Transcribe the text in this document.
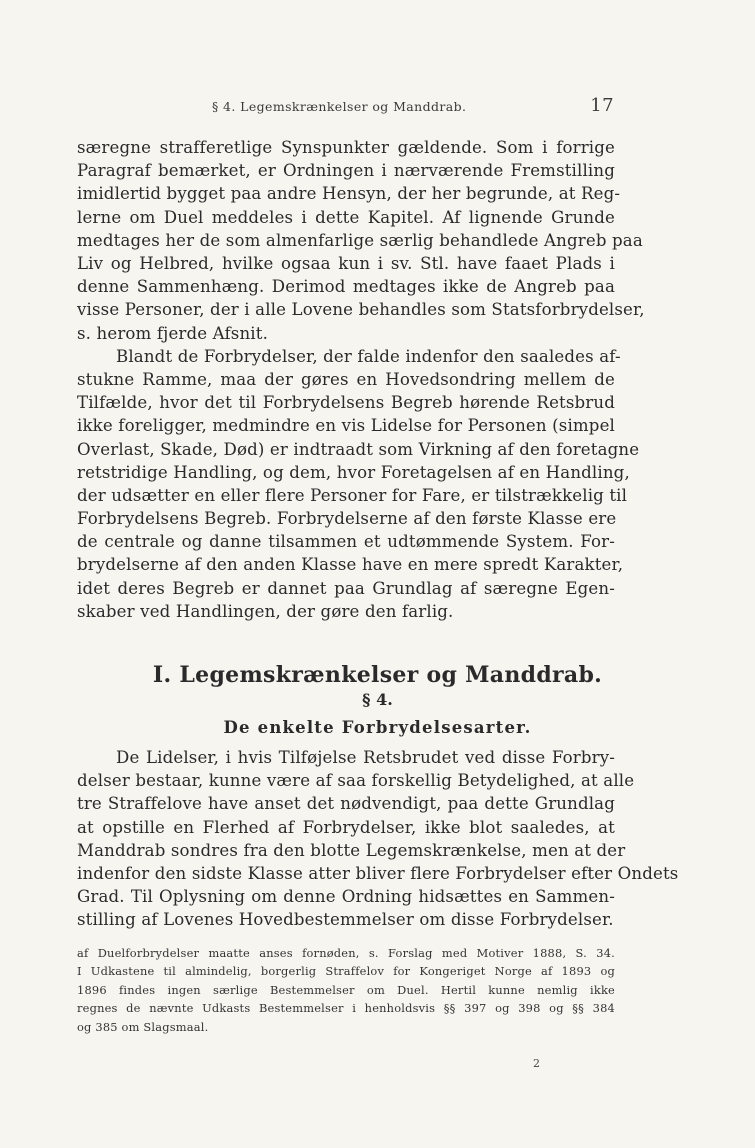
§ 4. Legemskrænkelser og Manddrab.	17
særegne strafferetlige Synspunkter gældende. Som i forrige
Paragraf bemærket, er Ordningen i nærværende Fremstilling
imidlertid bygget paa andre Hensyn, der her begrunde, at Reg-
lerne om Duel meddeles i dette Kapitel. Af lignende Grunde
medtages her de som almenfarlige særlig behandlede Angreb paa
Liv og Helbred, hvilke ogsaa kun i sv. Stl. have faaet Plads i
denne Sammenhæng. Derimod medtages ikke de Angreb paa
visse Personer, der i alle Lovene behandles som Statsforbrydelser,
s. herom fjerde Afsnit.
Blandt de Forbrydelser, der falde indenfor den saaledes af-
stukne Ramme, maa der gøres en Hovedsondring mellem de
Tilfælde, hvor det til Forbrydelsens Begreb hørende Retsbrud
ikke foreligger, medmindre en vis Lidelse for Personen (simpel
Overlast, Skade, Død) er indtraadt som Virkning af den foretagne
retstridige Handling, og dem, hvor Foretagelsen af en Handling,
der udsætter en eller flere Personer for Fare, er tilstrækkelig til
Forbrydelsens Begreb. Forbrydelserne af den første Klasse ere
de centrale og danne tilsammen et udtømmende System. For-
brydelserne af den anden Klasse have en mere spredt Karakter,
idet deres Begreb er dannet paa Grundlag af særegne Egen-
skaber ved Handlingen, der gøre den farlig.
I. Legemskrænkelser og Manddrab.
§ 4.
De enkelte Forbrydelsesarter.
De Lidelser, i hvis Tilføjelse Retsbrudet ved disse Forbry-
delser bestaar, kunne være af saa forskellig Betydelighed, at alle
tre Straffelove have anset det nødvendigt, paa dette Grundlag
at opstille en Flerhed af Forbrydelser, ikke blot saaledes, at
Manddrab sondres fra den blotte Legemskrænkelse, men at der
indenfor den sidste Klasse atter bliver flere Forbrydelser efter Ondets
Grad. Til Oplysning om denne Ordning hidsættes en Sammen-
stilling af Lovenes Hovedbestemmelser om disse Forbrydelser.
af Duelforbrydelser maatte anses fornøden, s. Forslag med Motiver 1888, S. 34.
I Udkastene til almindelig, borgerlig Straffelov for Kongeriget Norge af 1893 og
1896 findes ingen særlige Bestemmelser om Duel. Hertil kunne nemlig ikke
regnes de nævnte Udkasts Bestemmelser i henholdsvis §§ 397 og 398 og §§ 384
og 385 om Slagsmaal.
2
